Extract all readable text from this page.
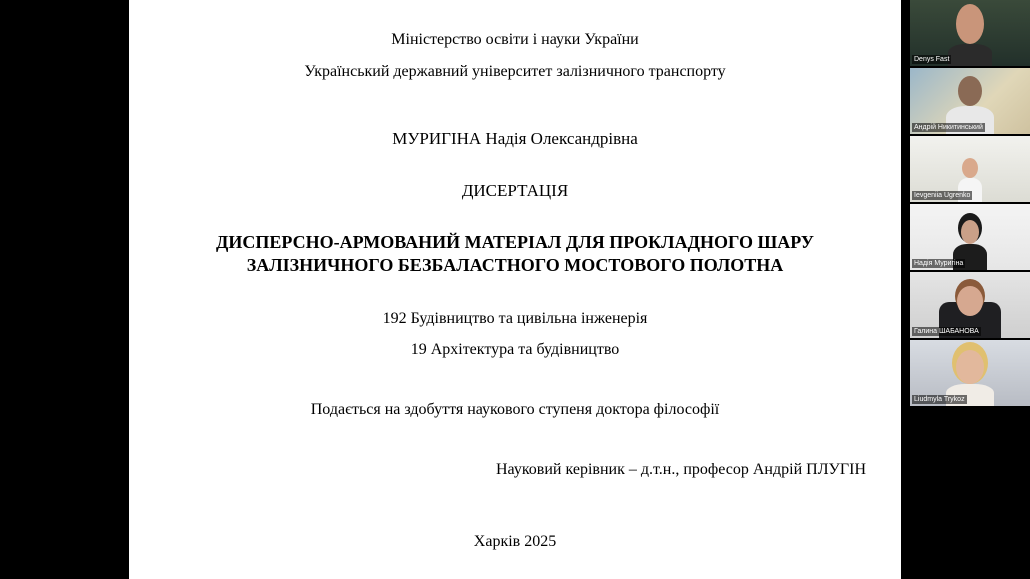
Міністерство освіти і науки України
Український державний університет залізничного транспорту
МУРИГІНА Надія Олександрівна
ДИСЕРТАЦІЯ
ДИСПЕРСНО-АРМОВАНИЙ МАТЕРІАЛ ДЛЯ ПРОКЛАДНОГО ШАРУ
ЗАЛІЗНИЧНОГО БЕЗБАЛАСТНОГО МОСТОВОГО ПОЛОТНА
192 Будівництво та цивільна інженерія
19 Архітектура та будівництво
Подається на здобуття наукового ступеня доктора філософії
Науковий керівник – д.т.н., професор Андрій ПЛУГІН
Харків 2025
Denys Fast
Андрій Никитинський
Ievgeniia Ugrenko
Надія Муригіна
Галина ШАБАНОВА
Liudmyla Trykoz
